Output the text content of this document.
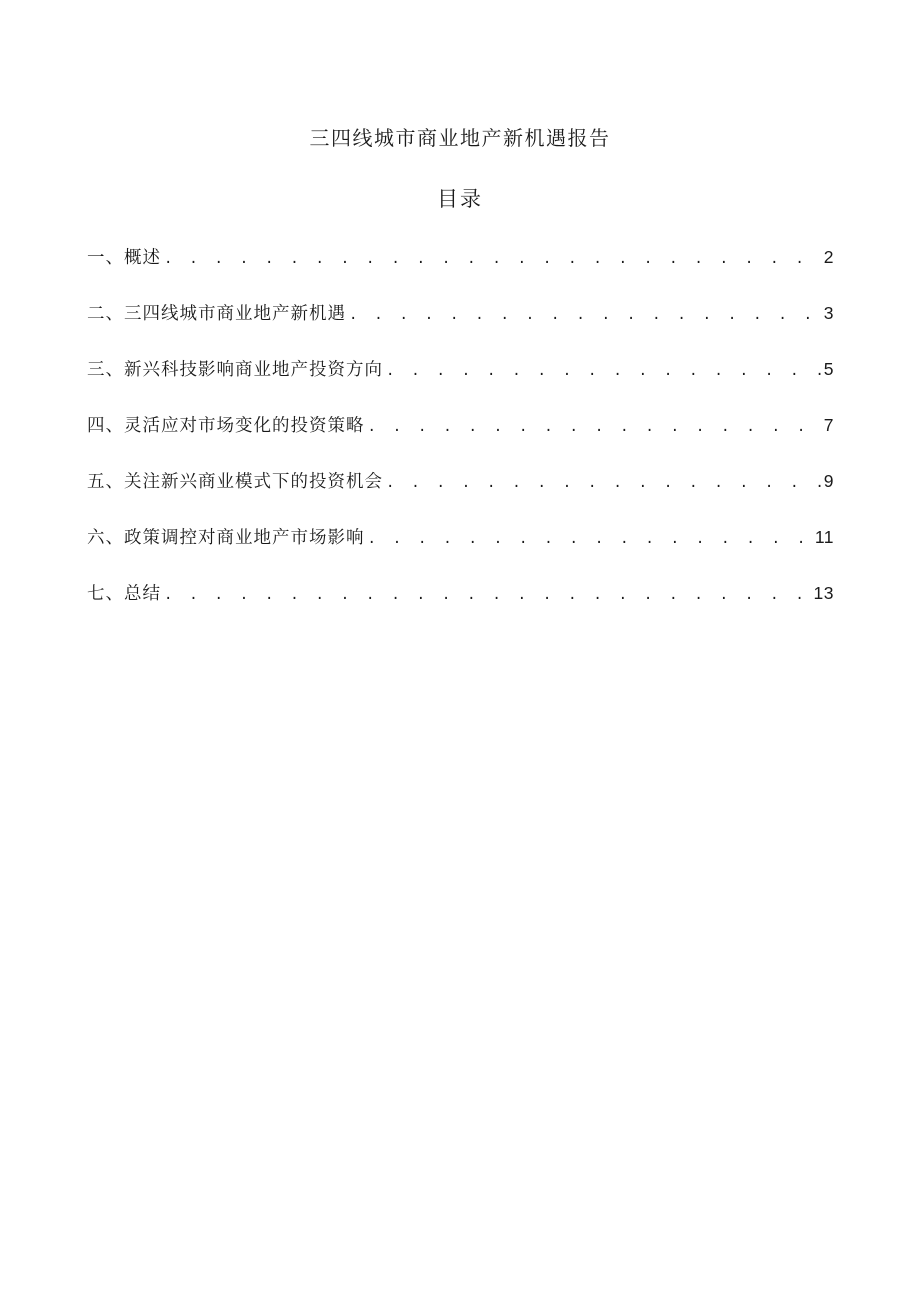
三四线城市商业地产新机遇报告
目录
一、概述 . . .	2
二、三四线城市商业地产新机遇 . . .	3
三、新兴科技影响商业地产投资方向 . . .	5
四、灵活应对市场变化的投资策略 . . .	7
五、关注新兴商业模式下的投资机会 . . .	9
六、政策调控对商业地产市场影响 . . .	11
七、总结 . . .	13
